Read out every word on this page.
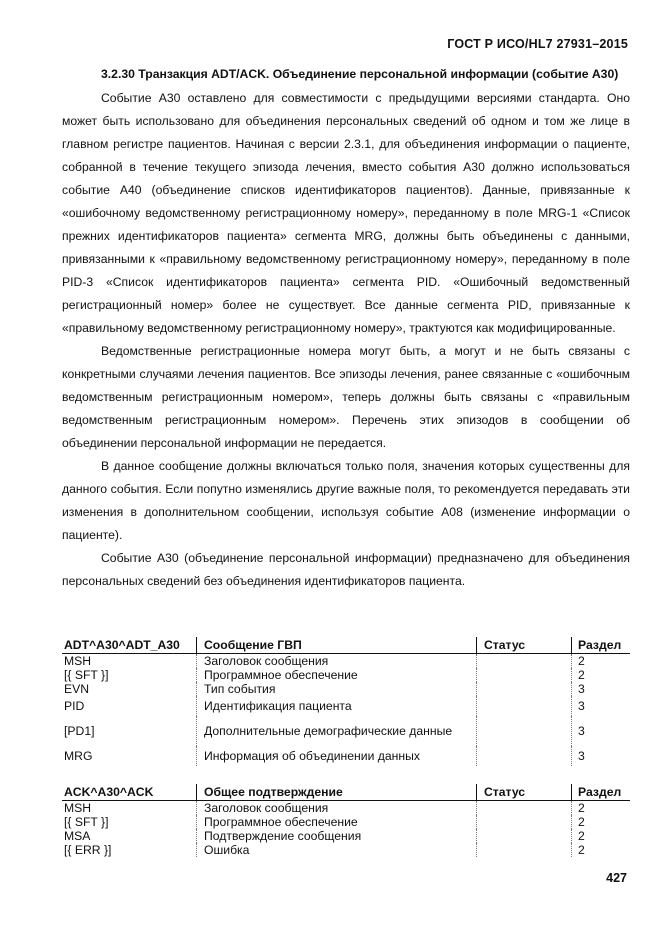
ГОСТ Р ИСО/HL7 27931–2015

3.2.30 Транзакция ADT/ACK. Объединение персональной информации (событие A30)

Событие A30 оставлено для совместимости с предыдущими версиями стандарта. Оно может быть использовано для объединения персональных сведений об одном и том же лице в главном регистре пациентов. Начиная с версии 2.3.1, для объединения информации о пациенте, собранной в течение текущего эпизода лечения, вместо события A30 должно использоваться событие A40 (объединение списков идентификаторов пациентов). Данные, привязанные к «ошибочному ведомственному регистрационному номеру», переданному в поле MRG-1 «Список прежних идентификаторов пациента» сегмента MRG, должны быть объединены с данными, привязанными к «правильному ведомственному регистрационному номеру», переданному в поле PID-3 «Список идентификаторов пациента» сегмента PID. «Ошибочный ведомственный регистрационный номер» более не существует. Все данные сегмента PID, привязанные к «правильному ведомственному регистрационному номеру», трактуются как модифицированные.

Ведомственные регистрационные номера могут быть, а могут и не быть связаны с конкретными случаями лечения пациентов. Все эпизоды лечения, ранее связанные с «ошибочным ведомственным регистрационным номером», теперь должны быть связаны с «правильным ведомственным регистрационным номером». Перечень этих эпизодов в сообщении об объединении персональной информации не передается.

В данное сообщение должны включаться только поля, значения которых существенны для данного события. Если попутно изменялись другие важные поля, то рекомендуется передавать эти изменения в дополнительном сообщении, используя событие A08 (изменение информации о пациенте).

Событие A30 (объединение персональной информации) предназначено для объединения персональных сведений без объединения идентификаторов пациента.

ADT^A30^ADT_A30	Сообщение ГВП	Статус	Раздел
MSH	Заголовок сообщения		2
[{ SFT }]	Программное обеспечение		2
EVN	Тип события		3
PID	Идентификация пациента		3
[PD1]	Дополнительные демографические данные		3
MRG	Информация об объединении данных		3
ACK^A30^ACK	Общее подтверждение	Статус	Раздел
MSH	Заголовок сообщения		2
[{ SFT }]	Программное обеспечение		2
MSA	Подтверждение сообщения		2
[{ ERR }]	Ошибка		2
427
